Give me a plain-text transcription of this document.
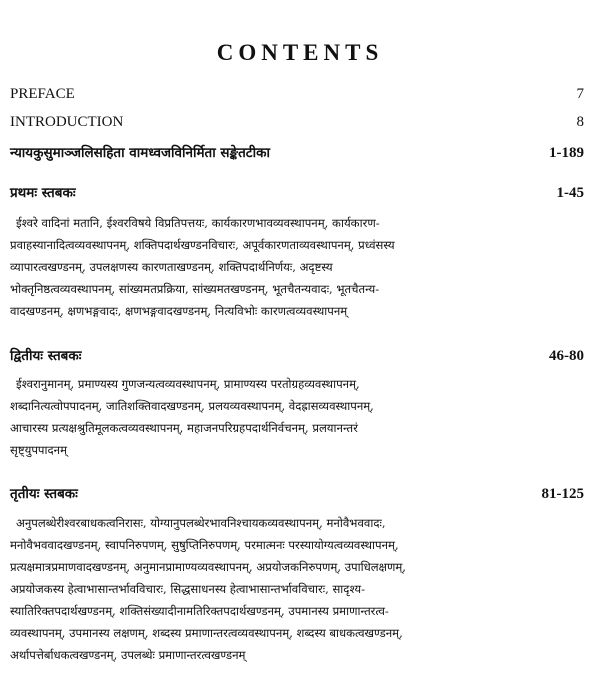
CONTENTS
PREFACE	7
INTRODUCTION	8
न्यायकुसुमाञ्जलिसहिता वामध्वजविनिर्मिता सङ्केतटीका	1-189
प्रथमः स्तबकः	1-45
ईश्वरे वादिनां मतानि, ईश्वरविषये विप्रतिपत्तयः, कार्यकारणभावव्यवस्थापनम्, कार्यकारण-
प्रवाहस्यानादित्वव्यवस्थापनम्, शक्तिपदार्थखण्डनविचारः, अपूर्वकारणताव्यवस्थापनम्, प्रध्वंसस्य
व्यापारत्वखण्डनम्, उपलक्षणस्य कारणताखण्डनम्, शक्तिपदार्थनिर्णयः, अदृष्टस्य
भोक्तृनिष्ठत्वव्यवस्थापनम्, सांख्यमतप्रक्रिया, सांख्यमतखण्डनम्, भूतचैतन्यवादः, भूतचैतन्य-
वादखण्डनम्, क्षणभङ्गवादः, क्षणभङ्गवादखण्डनम्, नित्यविभोः कारणत्वव्यवस्थापनम्
द्वितीयः स्तबकः	46-80
ईश्वरानुमानम्, प्रमाण्यस्य गुणजन्यत्वव्यवस्थापनम्, प्रामाण्यस्य परतोग्रहव्यवस्थापनम्,
शब्दानित्यत्वोपपादनम्, जातिशक्तिवादखण्डनम्, प्रलयव्यवस्थापनम्, वेदह्रासव्यवस्थापनम्,
आचारस्य प्रत्यक्षश्रुतिमूलकत्वव्यवस्थापनम्, महाजनपरिग्रहपदार्थनिर्वचनम्, प्रलयानन्तरं
सृष्ट्युपपादनम्
तृतीयः स्तबकः	81-125
अनुपलब्धेरीश्वरबाधकत्वनिरासः, योग्यानुपलब्धेरभावनिश्चायकव्यवस्थापनम्, मनोवैभववादः,
मनोवैभववादखण्डनम्, स्वापनिरुपणम्, सुषुप्तिनिरुपणम्, परमात्मनः परस्यायोग्यत्वव्यवस्थापनम्,
प्रत्यक्षमात्रप्रमाणवादखण्डनम्, अनुमानप्रामाण्यव्यवस्थापनम्, अप्रयोजकनिरुपणम्, उपाधिलक्षणम्,
अप्रयोजकस्य हेत्वाभासान्तर्भावविचारः, सिद्धसाधनस्य हेत्वाभासान्तर्भावविचारः, सादृश्य-
स्यातिरिक्तपदार्थखण्डनम्, शक्तिसंख्यादीनामतिरिक्तपदार्थखण्डनम्, उपमानस्य प्रमाणान्तरत्व-
व्यवस्थापनम्, उपमानस्य लक्षणम्, शब्दस्य प्रमाणान्तरत्वव्यवस्थापनम्, शब्दस्य बाधकत्वखण्डनम्,
अर्थापत्तेर्बाधकत्वखण्डनम्, उपलब्धेः प्रमाणान्तरत्वखण्डनम्
